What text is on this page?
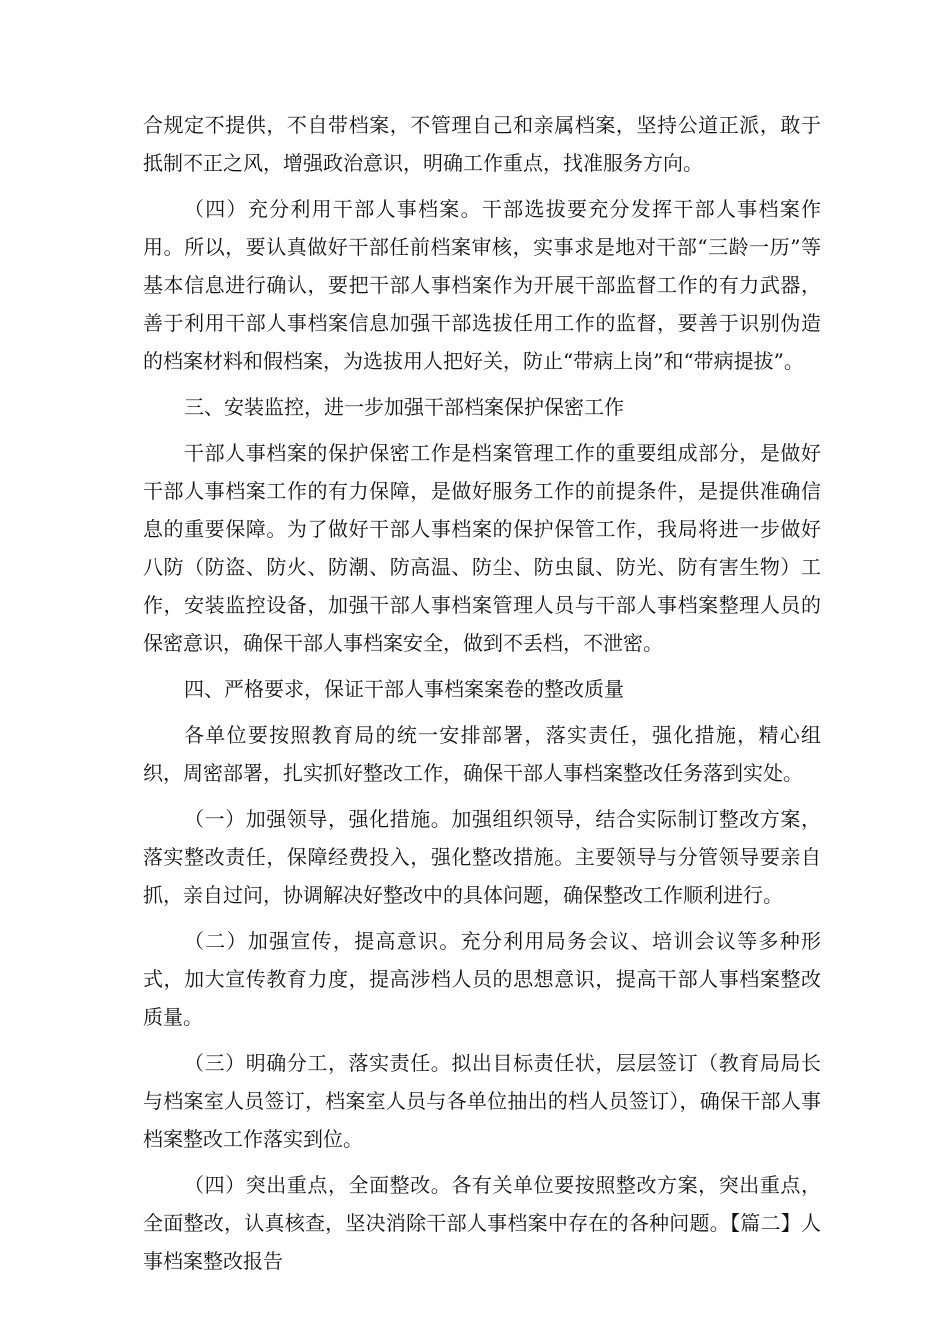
合规定不提供，不自带档案，不管理自己和亲属档案，坚持公道正派，敢于抵制不正之风，增强政治意识，明确工作重点，找准服务方向。

（四）充分利用干部人事档案。干部选拔要充分发挥干部人事档案作用。所以，要认真做好干部任前档案审核，实事求是地对干部“三龄一历”等基本信息进行确认，要把干部人事档案作为开展干部监督工作的有力武器，善于利用干部人事档案信息加强干部选拔任用工作的监督，要善于识别伪造的档案材料和假档案，为选拔用人把好关，防止“带病上岗”和“带病提拔”。

三、安装监控，进一步加强干部档案保护保密工作

干部人事档案的保护保密工作是档案管理工作的重要组成部分，是做好干部人事档案工作的有力保障，是做好服务工作的前提条件，是提供准确信息的重要保障。为了做好干部人事档案的保护保管工作，我局将进一步做好八防（防盗、防火、防潮、防高温、防尘、防虫鼠、防光、防有害生物）工作，安装监控设备，加强干部人事档案管理人员与干部人事档案整理人员的保密意识，确保干部人事档案安全，做到不丢档，不泄密。

四、严格要求，保证干部人事档案案卷的整改质量

各单位要按照教育局的统一安排部署，落实责任，强化措施，精心组织，周密部署，扎实抓好整改工作，确保干部人事档案整改任务落到实处。

（一）加强领导，强化措施。加强组织领导，结合实际制订整改方案，落实整改责任，保障经费投入，强化整改措施。主要领导与分管领导要亲自抓，亲自过问，协调解决好整改中的具体问题，确保整改工作顺利进行。

（二）加强宣传，提高意识。充分利用局务会议、培训会议等多种形式，加大宣传教育力度，提高涉档人员的思想意识，提高干部人事档案整改质量。

（三）明确分工，落实责任。拟出目标责任状，层层签订（教育局局长与档案室人员签订，档案室人员与各单位抽出的档人员签订），确保干部人事档案整改工作落实到位。

（四）突出重点，全面整改。各有关单位要按照整改方案，突出重点，全面整改，认真核查，坚决消除干部人事档案中存在的各种问题。【篇二】人事档案整改报告
